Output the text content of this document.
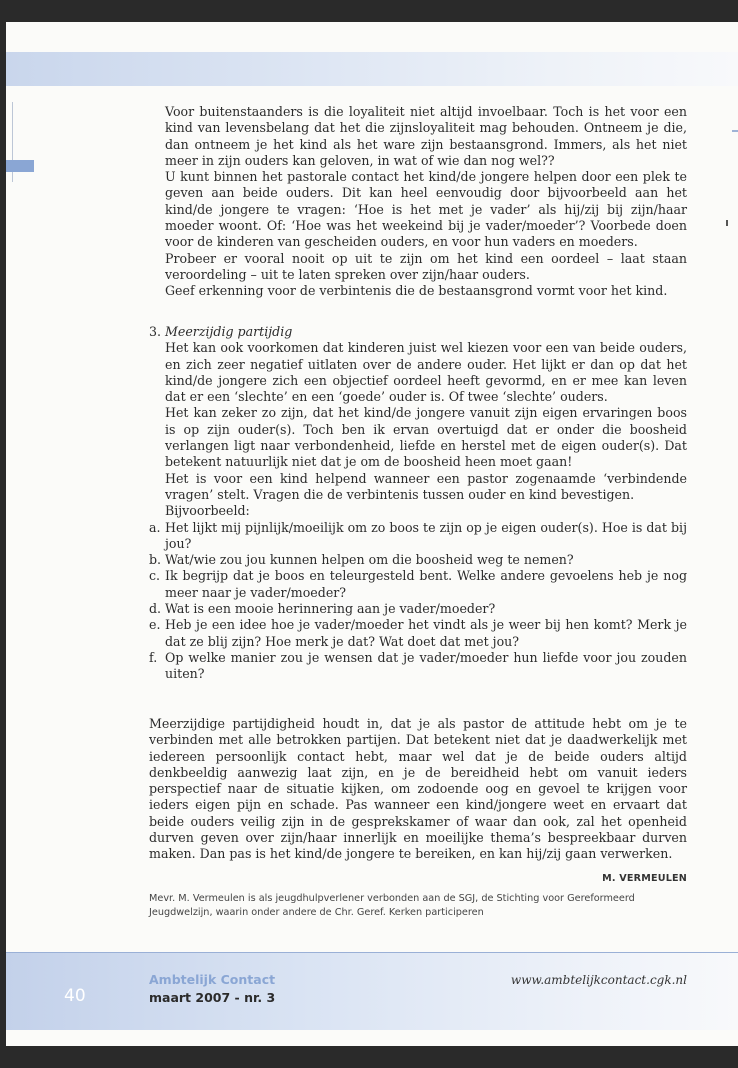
Voor buitenstaanders is die loyaliteit niet altijd invoelbaar. Toch is het voor een kind van levensbelang dat het die zijnsloyaliteit mag behouden. Ontneem je die, dan ontneem je het kind als het ware zijn bestaansgrond. Immers, als het niet meer in zijn ouders kan geloven, in wat of wie dan nog wel??

U kunt binnen het pastorale contact het kind/de jongere helpen door een plek te geven aan beide ouders. Dit kan heel eenvoudig door bijvoorbeeld aan het kind/de jongere te vragen: ‘Hoe is het met je vader’ als hij/zij bij zijn/haar moeder woont. Of: ‘Hoe was het weekeind bij je vader/moeder’? Voorbede doen voor de kinderen van gescheiden ouders, en voor hun vaders en moeders.

Probeer er vooral nooit op uit te zijn om het kind een oordeel – laat staan veroordeling – uit te laten spreken over zijn/haar ouders.

Geef erkenning voor de verbintenis die de bestaansgrond vormt voor het kind.

3. Meerzijdig partijdig

Het kan ook voorkomen dat kinderen juist wel kiezen voor een van beide ouders, en zich zeer negatief uitlaten over de andere ouder. Het lijkt er dan op dat het kind/de jongere zich een objectief oordeel heeft gevormd, en er mee kan leven dat er een ‘slechte’ en een ‘goede’ ouder is. Of twee ‘slechte’ ouders.

Het kan zeker zo zijn, dat het kind/de jongere vanuit zijn eigen ervaringen boos is op zijn ouder(s). Toch ben ik ervan overtuigd dat er onder die boosheid verlangen ligt naar verbondenheid, liefde en herstel met de eigen ouder(s). Dat betekent natuurlijk niet dat je om de boosheid heen moet gaan!

Het is voor een kind helpend wanneer een pastor zogenaamde ‘verbindende vragen’ stelt. Vragen die de verbintenis tussen ouder en kind bevestigen.

Bijvoorbeeld:

a. Het lijkt mij pijnlijk/moeilijk om zo boos te zijn op je eigen ouder(s). Hoe is dat bij jou?
b. Wat/wie zou jou kunnen helpen om die boosheid weg te nemen?
c. Ik begrijp dat je boos en teleurgesteld bent. Welke andere gevoelens heb je nog meer naar je vader/moeder?
d. Wat is een mooie herinnering aan je vader/moeder?
e. Heb je een idee hoe je vader/moeder het vindt als je weer bij hen komt? Merk je dat ze blij zijn? Hoe merk je dat? Wat doet dat met jou?
f. Op welke manier zou je wensen dat je vader/moeder hun liefde voor jou zouden uiten?

Meerzijdige partijdigheid houdt in, dat je als pastor de attitude hebt om je te verbinden met alle betrokken partijen. Dat betekent niet dat je daadwerkelijk met iedereen persoonlijk contact hebt, maar wel dat je de beide ouders altijd denkbeeldig aanwezig laat zijn, en je de bereidheid hebt om vanuit ieders perspectief naar de situatie kijken, om zodoende oog en gevoel te krijgen voor ieders eigen pijn en schade. Pas wanneer een kind/jongere weet en ervaart dat beide ouders veilig zijn in de gesprekskamer of waar dan ook, zal het openheid durven geven over zijn/haar innerlijk en moeilijke thema’s bespreekbaar durven maken. Dan pas is het kind/de jongere te bereiken, en kan hij/zij gaan verwerken.

M. VERMEULEN
Mevr. M. Vermeulen is als jeugdhulpverlener verbonden aan de SGJ, de Stichting voor Gereformeerd Jeugdwelzijn, waarin onder andere de Chr. Geref. Kerken participeren
40
Ambtelijk Contact
maart 2007 - nr. 3
www.ambtelijkcontact.cgk.nl
